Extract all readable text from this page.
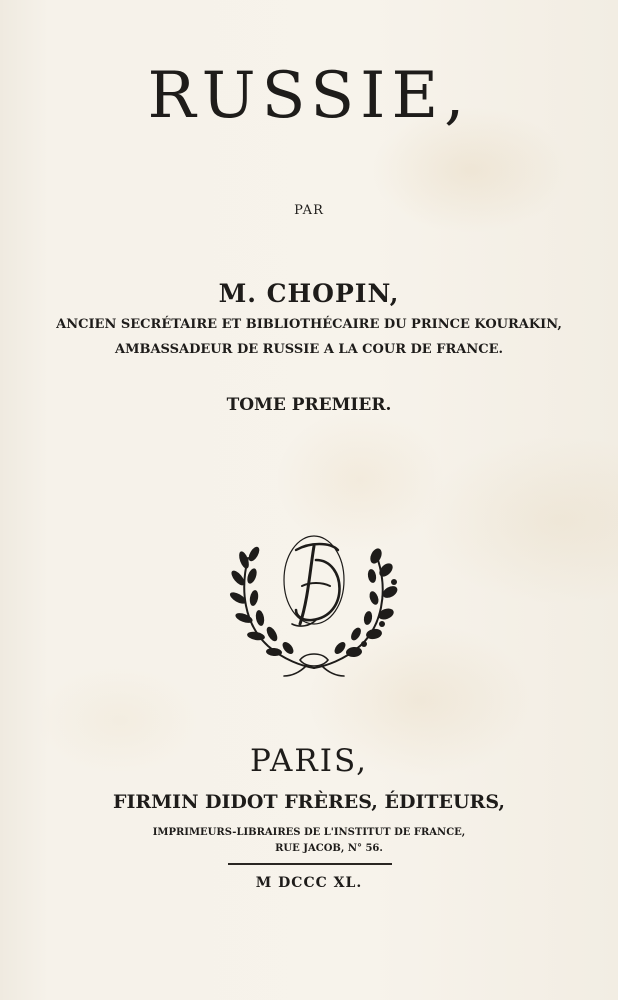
RUSSIE,
PAR
M. CHOPIN,
ANCIEN SECRÉTAIRE ET BIBLIOTHÉCAIRE DU PRINCE KOURAKIN,
AMBASSADEUR DE RUSSIE A LA COUR DE FRANCE.
TOME PREMIER.
PARIS,
FIRMIN DIDOT FRÈRES, ÉDITEURS,
IMPRIMEURS-LIBRAIRES DE L'INSTITUT DE FRANCE,
RUE JACOB, N° 56.
M DCCC XL.
